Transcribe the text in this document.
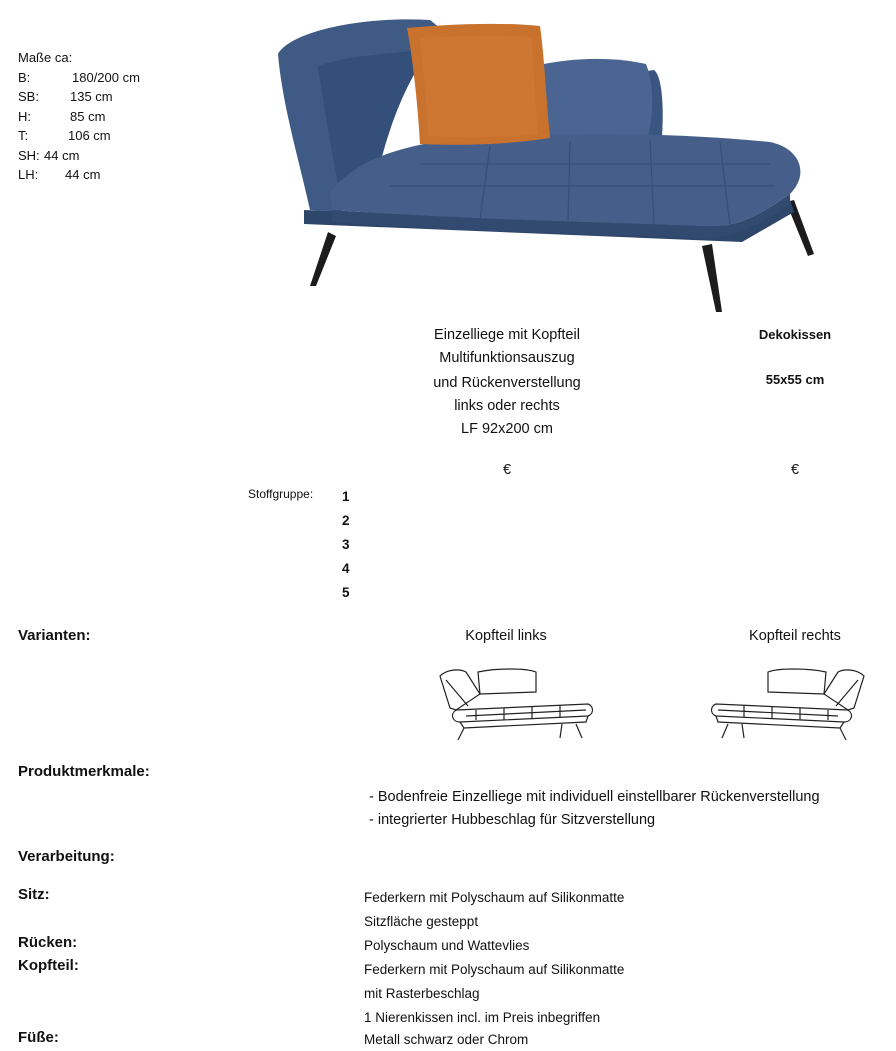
Maße ca:
B:	180/200 cm
SB: 135 cm
H:	85 cm
T:	106 cm
SH: 44 cm
LH: 44 cm
Einzelliege mit Kopfteil
Multifunktionsauszug
und Rückenverstellung
links oder rechts
LF 92x200 cm
Dekokissen
55x55 cm
€	€
Stoffgruppe: 1
2
3
4
5
Varianten:	Kopfteil links	Kopfteil rechts
Produktmerkmale:
- Bodenfreie Einzelliege mit individuell einstellbarer Rückenverstellung
- integrierter Hubbeschlag für Sitzverstellung
Verarbeitung:
Sitz:	Federkern mit Polyschaum auf Silikonmatte
Sitzfläche gesteppt
Rücken:	Polyschaum und Wattevlies
Kopfteil:	Federkern mit Polyschaum auf Silikonmatte
mit Rasterbeschlag
1 Nierenkissen incl. im Preis inbegriffen
Füße:	Metall schwarz oder Chrom
